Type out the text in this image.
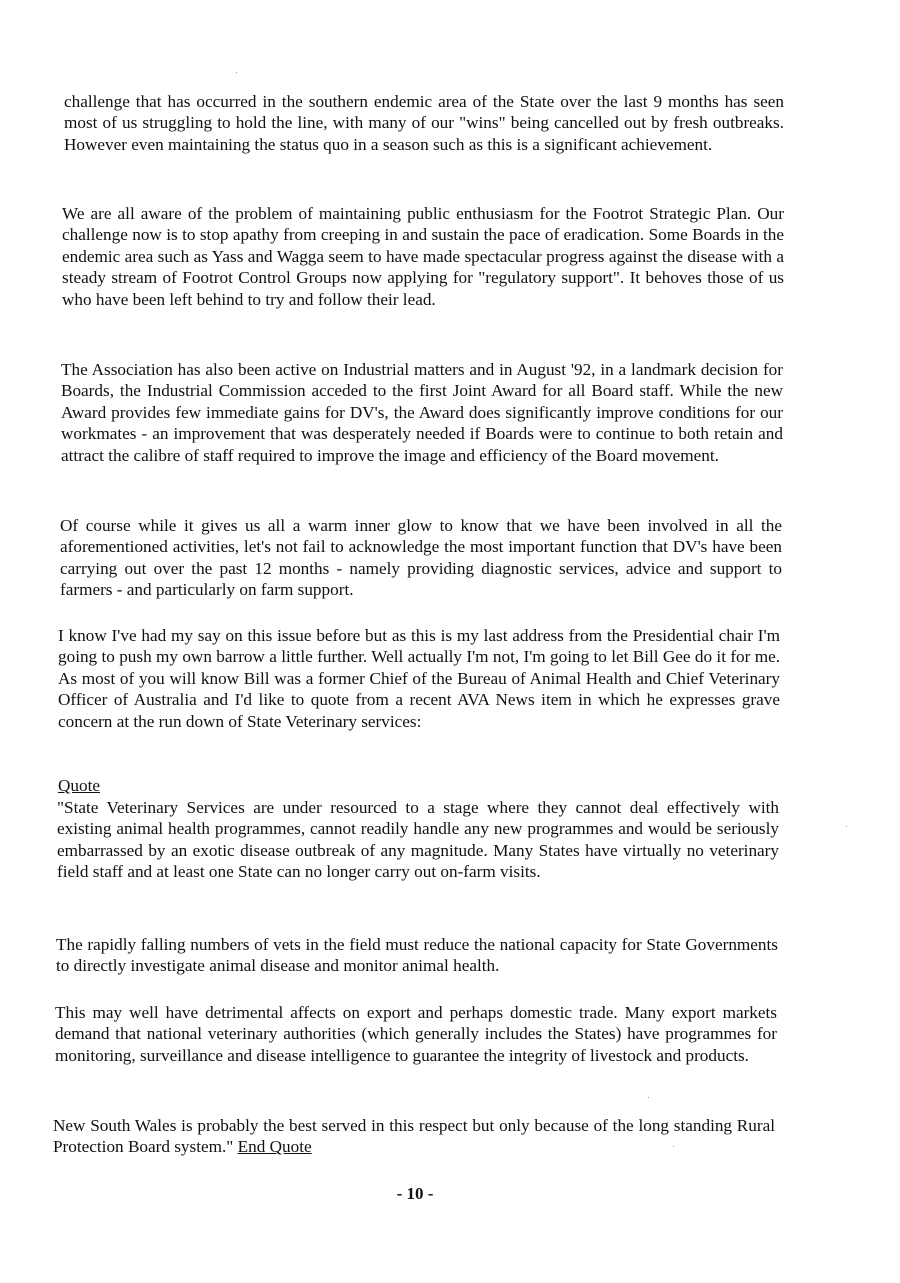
challenge that has occurred in the southern endemic area of the State over the last 9 months has seen most of us struggling to hold the line, with many of our "wins" being cancelled out by fresh outbreaks. However even maintaining the status quo in a season such as this is a significant achievement.

We are all aware of the problem of maintaining public enthusiasm for the Footrot Strategic Plan. Our challenge now is to stop apathy from creeping in and sustain the pace of eradication. Some Boards in the endemic area such as Yass and Wagga seem to have made spectacular progress against the disease with a steady stream of Footrot Control Groups now applying for "regulatory support". It behoves those of us who have been left behind to try and follow their lead.

The Association has also been active on Industrial matters and in August '92, in a landmark decision for Boards, the Industrial Commission acceded to the first Joint Award for all Board staff. While the new Award provides few immediate gains for DV's, the Award does significantly improve conditions for our workmates - an improvement that was desperately needed if Boards were to continue to both retain and attract the calibre of staff required to improve the image and efficiency of the Board movement.

Of course while it gives us all a warm inner glow to know that we have been involved in all the aforementioned activities, let's not fail to acknowledge the most important function that DV's have been carrying out over the past 12 months - namely providing diagnostic services, advice and support to farmers - and particularly on farm support.

I know I've had my say on this issue before but as this is my last address from the Presidential chair I'm going to push my own barrow a little further. Well actually I'm not, I'm going to let Bill Gee do it for me. As most of you will know Bill was a former Chief of the Bureau of Animal Health and Chief Veterinary Officer of Australia and I'd like to quote from a recent AVA News item in which he expresses grave concern at the run down of State Veterinary services:

Quote

"State Veterinary Services are under resourced to a stage where they cannot deal effectively with existing animal health programmes, cannot readily handle any new programmes and would be seriously embarrassed by an exotic disease outbreak of any magnitude. Many States have virtually no veterinary field staff and at least one State can no longer carry out on-farm visits.

The rapidly falling numbers of vets in the field must reduce the national capacity for State Governments to directly investigate animal disease and monitor animal health.

This may well have detrimental affects on export and perhaps domestic trade. Many export markets demand that national veterinary authorities (which generally includes the States) have programmes for monitoring, surveillance and disease intelligence to guarantee the integrity of livestock and products.

New South Wales is probably the best served in this respect but only because of the long standing Rural Protection Board system." End Quote

- 10 -
